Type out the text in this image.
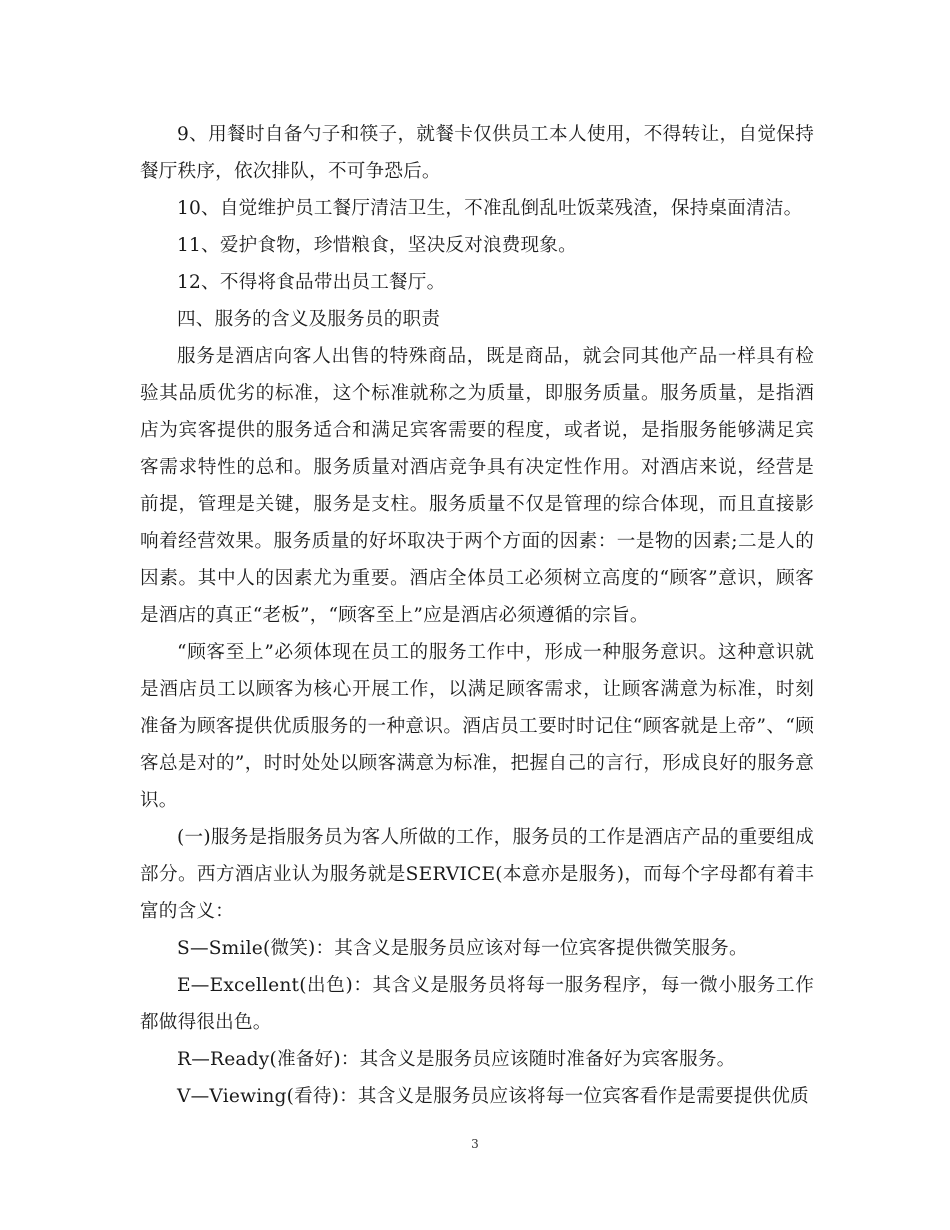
9、用餐时自备勺子和筷子，就餐卡仅供员工本人使用，不得转让，自觉保持餐厅秩序，依次排队，不可争恐后。

10、自觉维护员工餐厅清洁卫生，不准乱倒乱吐饭菜残渣，保持桌面清洁。

11、爱护食物，珍惜粮食，坚决反对浪费现象。

12、不得将食品带出员工餐厅。

四、服务的含义及服务员的职责

服务是酒店向客人出售的特殊商品，既是商品，就会同其他产品一样具有检验其品质优劣的标准，这个标准就称之为质量，即服务质量。服务质量，是指酒店为宾客提供的服务适合和满足宾客需要的程度，或者说，是指服务能够满足宾客需求特性的总和。服务质量对酒店竞争具有决定性作用。对酒店来说，经营是前提，管理是关键，服务是支柱。服务质量不仅是管理的综合体现，而且直接影响着经营效果。服务质量的好坏取决于两个方面的因素：一是物的因素;二是人的因素。其中人的因素尤为重要。酒店全体员工必须树立高度的“顾客”意识，顾客是酒店的真正“老板”，“顾客至上”应是酒店必须遵循的宗旨。

“顾客至上”必须体现在员工的服务工作中，形成一种服务意识。这种意识就是酒店员工以顾客为核心开展工作，以满足顾客需求，让顾客满意为标准，时刻准备为顾客提供优质服务的一种意识。酒店员工要时时记住“顾客就是上帝”、“顾客总是对的”，时时处处以顾客满意为标准，把握自己的言行，形成良好的服务意识。

(一)服务是指服务员为客人所做的工作，服务员的工作是酒店产品的重要组成部分。西方酒店业认为服务就是SERVICE(本意亦是服务)，而每个字母都有着丰富的含义：

S—Smile(微笑)：其含义是服务员应该对每一位宾客提供微笑服务。

E—Excellent(出色)：其含义是服务员将每一服务程序，每一微小服务工作都做得很出色。

R—Ready(准备好)：其含义是服务员应该随时准备好为宾客服务。

V—Viewing(看待)：其含义是服务员应该将每一位宾客看作是需要提供优质

3
